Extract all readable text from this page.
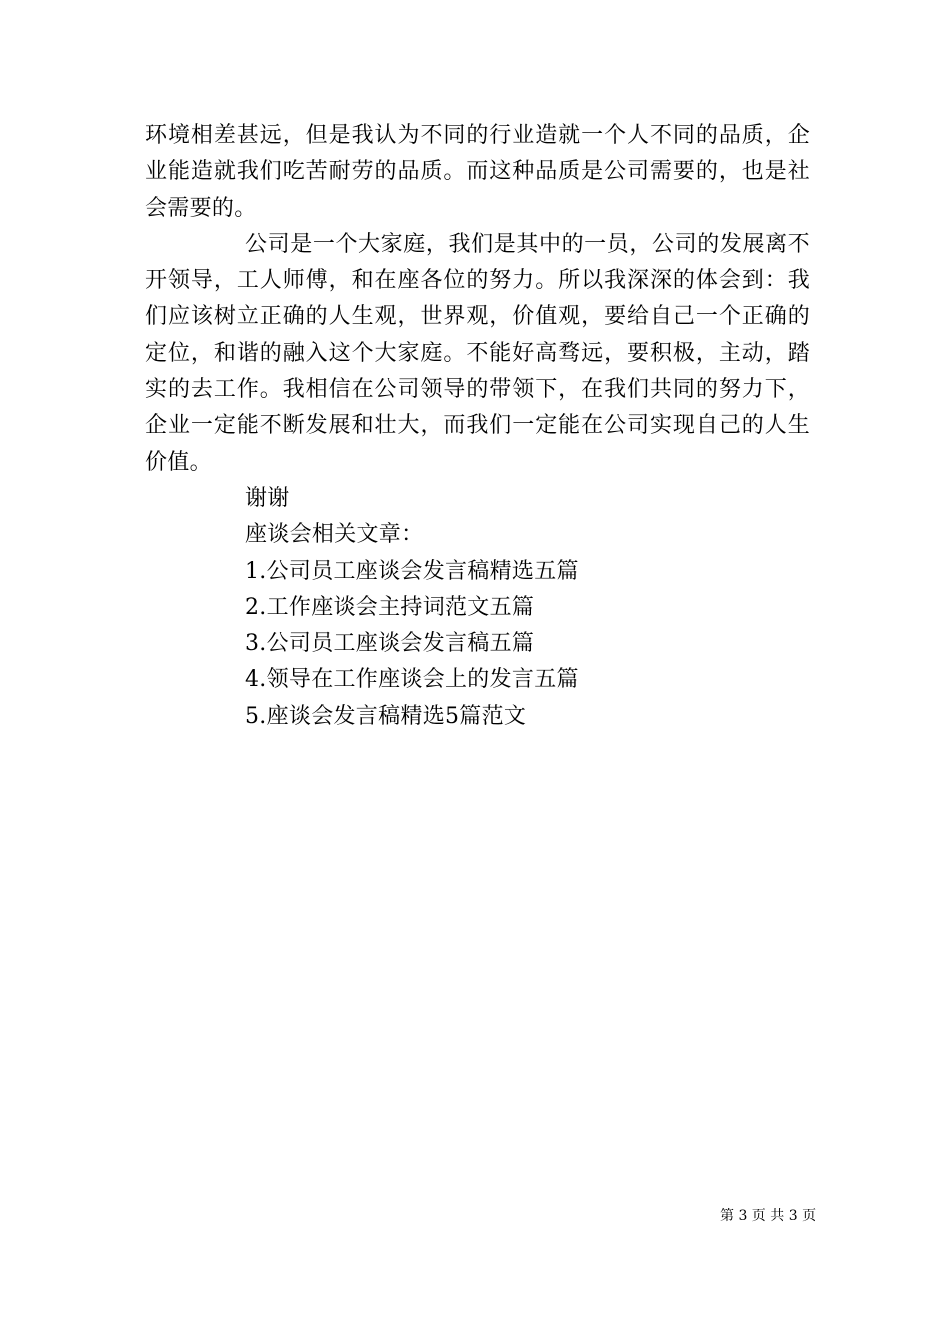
环境相差甚远，但是我认为不同的行业造就一个人不同的品质，企业能造就我们吃苦耐劳的品质。而这种品质是公司需要的，也是社会需要的。

公司是一个大家庭，我们是其中的一员，公司的发展离不开领导，工人师傅，和在座各位的努力。所以我深深的体会到：我们应该树立正确的人生观，世界观，价值观，要给自己一个正确的定位，和谐的融入这个大家庭。不能好高骛远，要积极，主动，踏实的去工作。我相信在公司领导的带领下，在我们共同的努力下，企业一定能不断发展和壮大，而我们一定能在公司实现自己的人生价值。

谢谢

座谈会相关文章：

1.公司员工座谈会发言稿精选五篇
2.工作座谈会主持词范文五篇
3.公司员工座谈会发言稿五篇
4.领导在工作座谈会上的发言五篇
5.座谈会发言稿精选5篇范文
第 3 页 共 3 页
